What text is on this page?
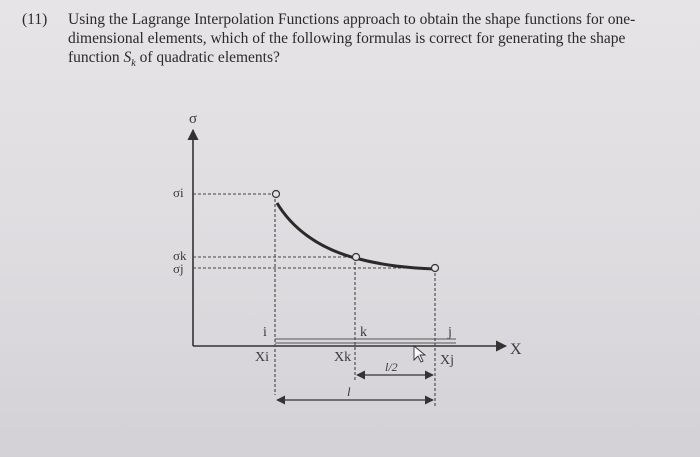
(11) Using the Lagrange Interpolation Functions approach to obtain the shape functions for one-dimensional elements, which of the following formulas is correct for generating the shape function $S_k$ of quadratic elements?
σ
X
σi
σk
σj
i	k	j
Xi	Xk	Xj
l/2
l
